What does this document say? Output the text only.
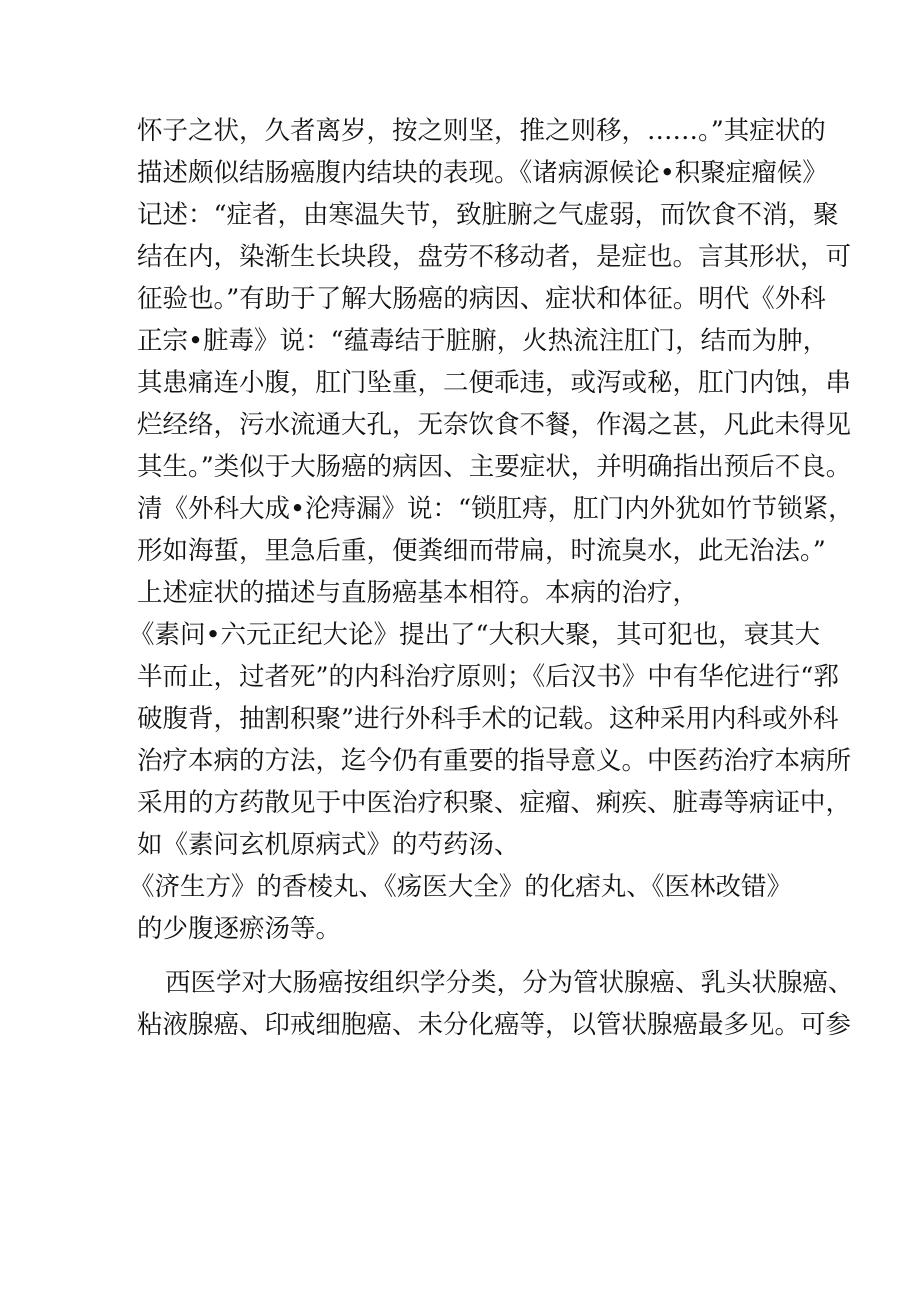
怀子之状，久者离岁，按之则坚，推之则移，……。”其症状的
描述颇似结肠癌腹内结块的表现。《诸病源候论•积聚症瘤候》
记述：“症者，由寒温失节，致脏腑之气虚弱，而饮食不消，聚
结在内，染渐生长块段，盘劳不移动者，是症也。言其形状，可
征验也。”有助于了解大肠癌的病因、症状和体征。明代《外科
正宗•脏毒》说：“蕴毒结于脏腑，火热流注肛门，结而为肿，
其患痛连小腹，肛门坠重，二便乖违，或泻或秘，肛门内蚀，串
烂经络，污水流通大孔，无奈饮食不餐，作渴之甚，凡此未得见
其生。”类似于大肠癌的病因、主要症状，并明确指出预后不良。
清《外科大成•沦痔漏》说：“锁肛痔，肛门内外犹如竹节锁紧，
形如海蜇，里急后重，便粪细而带扁，时流臭水，此无治法。”
上述症状的描述与直肠癌基本相符。本病的治疗，
《素问•六元正纪大论》提出了“大积大聚，其可犯也，衰其大
半而止，过者死”的内科治疗原则；《后汉书》中有华佗进行“郛
破腹背，抽割积聚”进行外科手术的记载。这种采用内科或外科
治疗本病的方法，迄今仍有重要的指导意义。中医药治疗本病所
采用的方药散见于中医治疗积聚、症瘤、痢疾、脏毒等病证中，
如《素问玄机原病式》的芍药汤、
《济生方》的香棱丸、《疡医大全》的化痞丸、《医林改错》
的少腹逐瘀汤等。
西医学对大肠癌按组织学分类，分为管状腺癌、乳头状腺癌、
粘液腺癌、印戒细胞癌、未分化癌等，以管状腺癌最多见。可参
